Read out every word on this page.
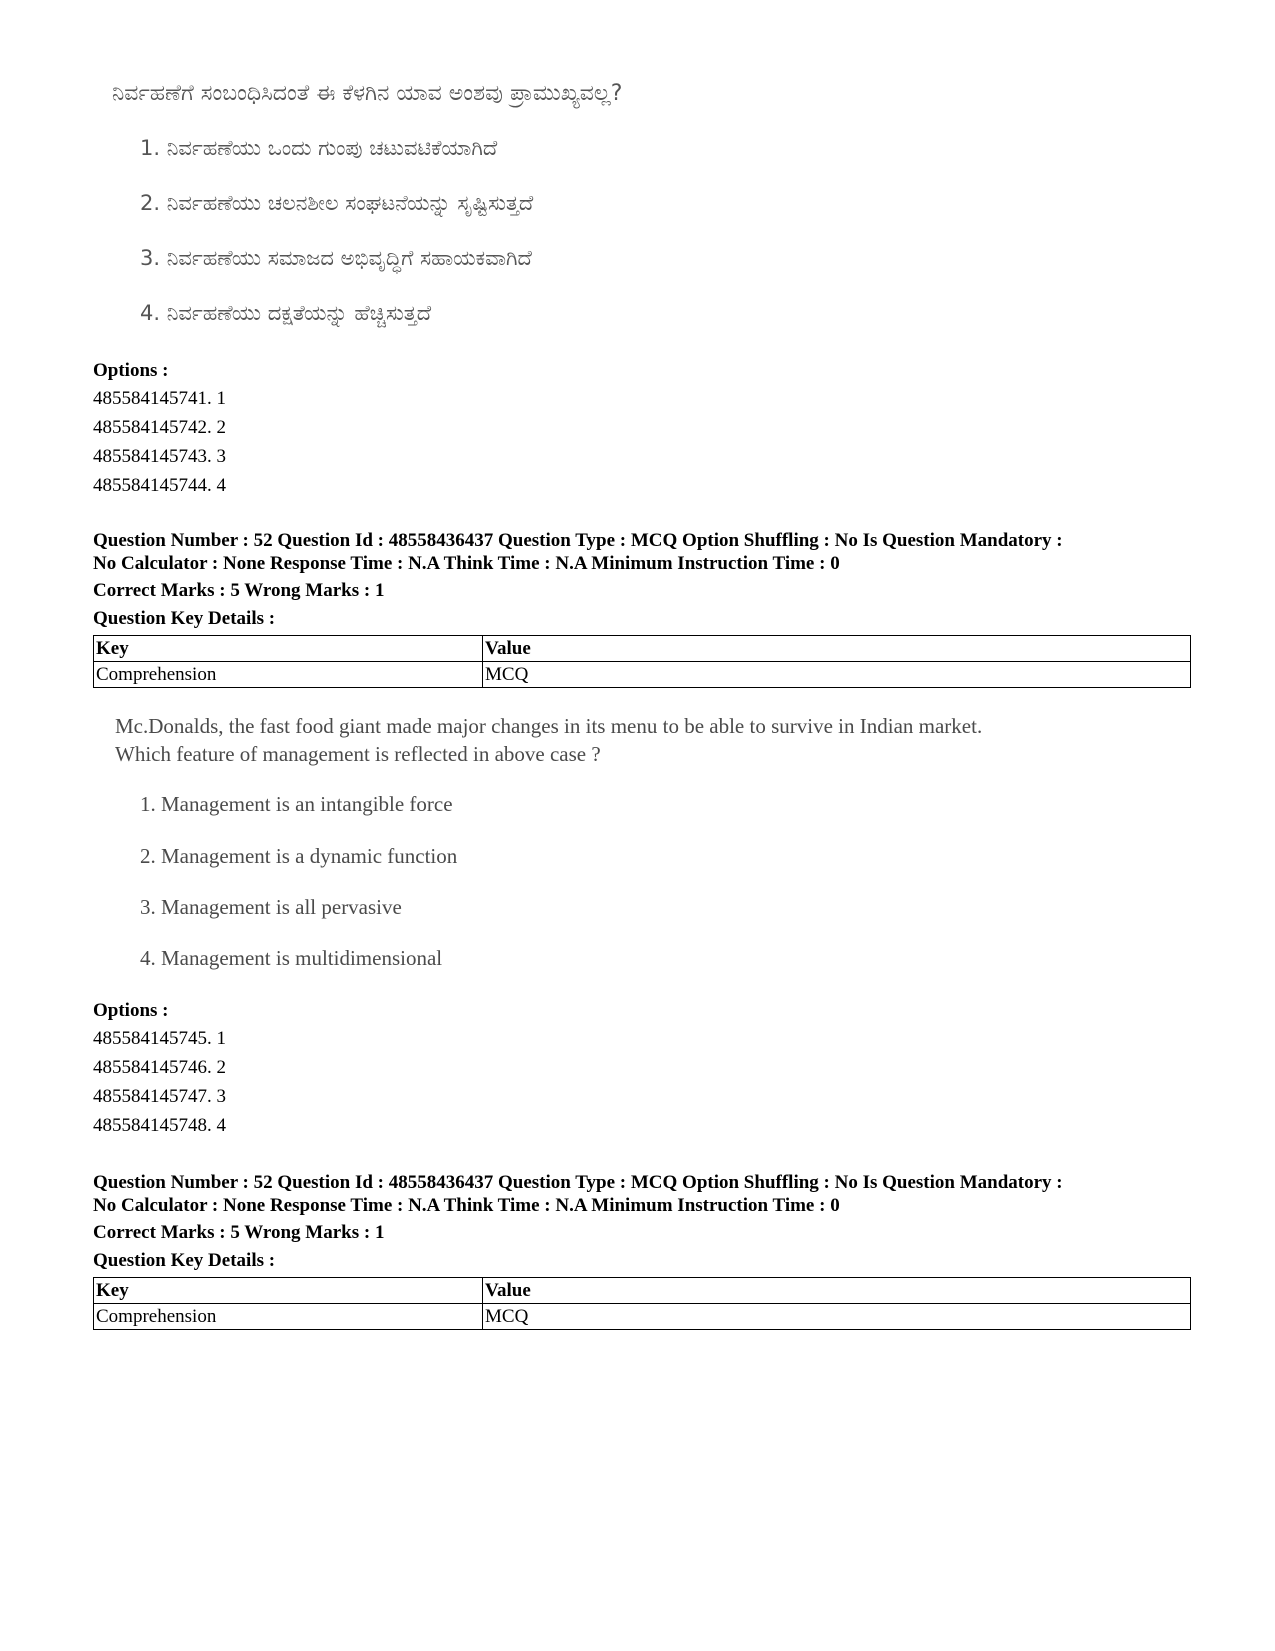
ನಿರ್ವಹಣೆಗೆ ಸಂಬಂಧಿಸಿದಂತೆ ಈ ಕೆಳಗಿನ ಯಾವ ಅಂಶವು ಪ್ರಾಮುಖ್ಯವಲ್ಲ?

1. ನಿರ್ವಹಣೆಯು ಒಂದು ಗುಂಪು ಚಟುವಟಿಕೆಯಾಗಿದೆ
2. ನಿರ್ವಹಣೆಯು ಚಲನಶೀಲ ಸಂಘಟನೆಯನ್ನು ಸೃಷ್ಟಿಸುತ್ತದೆ
3. ನಿರ್ವಹಣೆಯು ಸಮಾಜದ ಅಭಿವೃದ್ಧಿಗೆ ಸಹಾಯಕವಾಗಿದೆ
4. ನಿರ್ವಹಣೆಯು ದಕ್ಷತೆಯನ್ನು ಹೆಚ್ಚಿಸುತ್ತದೆ
Options :
485584145741. 1
485584145742. 2
485584145743. 3
485584145744. 4
Question Number : 52 Question Id : 48558436437 Question Type : MCQ Option Shuffling : No Is Question Mandatory :
No Calculator : None Response Time : N.A Think Time : N.A Minimum Instruction Time : 0
Correct Marks : 5 Wrong Marks : 1
Question Key Details :
Key	Value
Comprehension	MCQ

Mc.Donalds, the fast food giant made major changes in its menu to be able to survive in Indian market.

Which feature of management is reflected in above case ?

1. Management is an intangible force
2. Management is a dynamic function
3. Management is all pervasive
4. Management is multidimensional
Options :
485584145745. 1
485584145746. 2
485584145747. 3
485584145748. 4
Question Number : 52 Question Id : 48558436437 Question Type : MCQ Option Shuffling : No Is Question Mandatory :
No Calculator : None Response Time : N.A Think Time : N.A Minimum Instruction Time : 0
Correct Marks : 5 Wrong Marks : 1
Question Key Details :
Key	Value
Comprehension	MCQ
